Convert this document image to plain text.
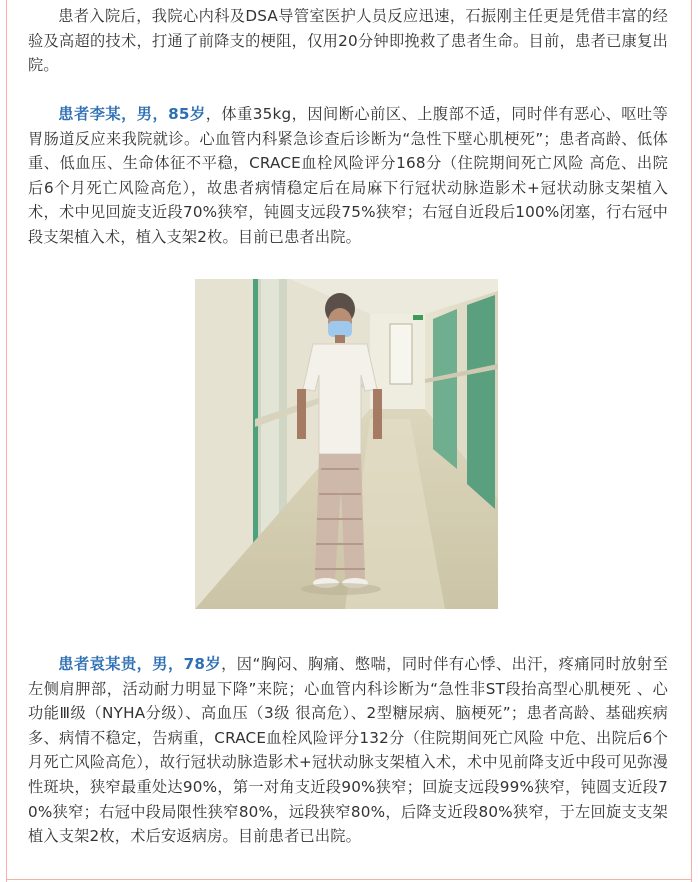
患者入院后，我院心内科及DSA导管室医护人员反应迅速，石振刚主任更是凭借丰富的经验及高超的技术，打通了前降支的梗阻，仅用20分钟即挽救了患者生命。目前，患者已康复出院。

患者李某，男，85岁，体重35kg，因间断心前区、上腹部不适，同时伴有恶心、呕吐等胃肠道反应来我院就诊。心血管内科紧急诊查后诊断为“急性下壁心肌梗死”；患者高龄、低体重、低血压、生命体征不平稳，CRACE血栓风险评分168分（住院期间死亡风险 高危、出院后6个月死亡风险高危），故患者病情稳定后在局麻下行冠状动脉造影术+冠状动脉支架植入术，术中见回旋支近段70%狭窄，钝圆支远段75%狭窄；右冠自近段后100%闭塞，行右冠中段支架植入术，植入支架2枚。目前已患者出院。

患者袁某贵，男，78岁，因“胸闷、胸痛、憋喘，同时伴有心悸、出汗，疼痛同时放射至左侧肩胛部，活动耐力明显下降”来院；心血管内科诊断为“急性非ST段抬高型心肌梗死 、心功能Ⅲ级（NYHA分级）、高血压（3级 很高危）、2型糖尿病、脑梗死”；患者高龄、基础疾病多、病情不稳定，告病重，CRACE血栓风险评分132分（住院期间死亡风险 中危、出院后6个月死亡风险高危），故行冠状动脉造影术+冠状动脉支架植入术，术中见前降支近中段可见弥漫性斑块，狭窄最重处达90%，第一对角支近段90%狭窄；回旋支远段99%狭窄，钝圆支近段70%狭窄；右冠中段局限性狭窄80%，远段狭窄80%，后降支近段80%狭窄，于左回旋支支架植入支架2枚，术后安返病房。目前患者已出院。
